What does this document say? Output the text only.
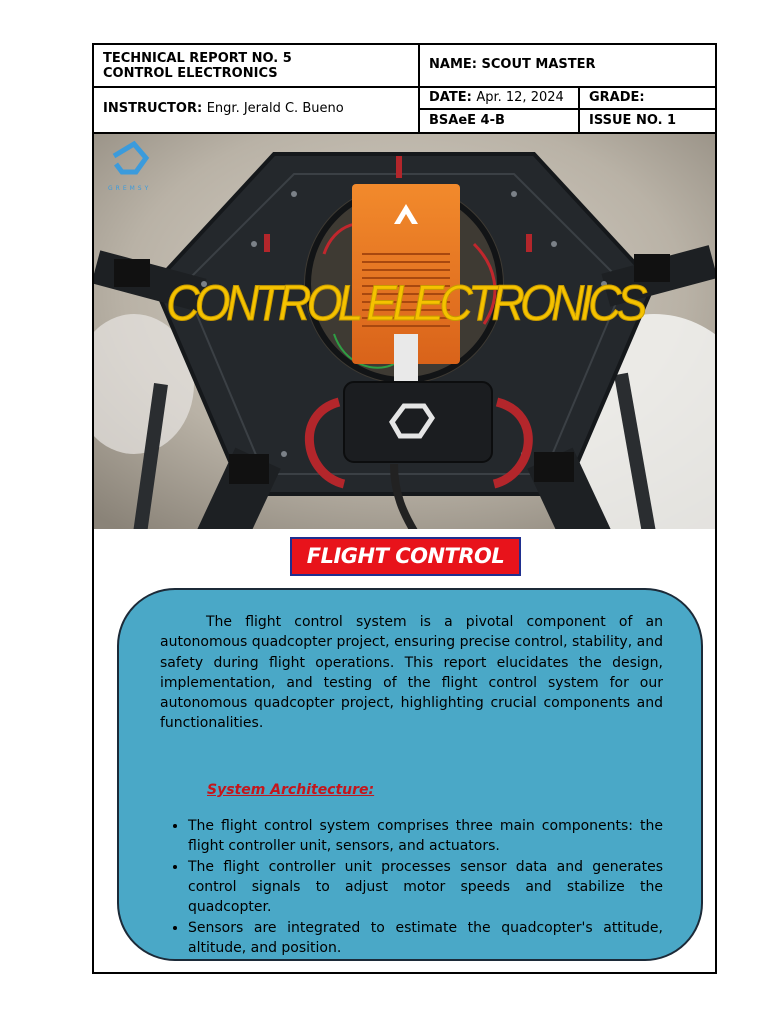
TECHNICAL REPORT NO. 5
CONTROL ELECTRONICS
NAME: SCOUT MASTER
INSTRUCTOR: Engr. Jerald C. Bueno
DATE: Apr. 12, 2024	GRADE:
BSAeE 4-B	ISSUE NO. 1
GREMSY
CONTROL ELECTRONICS
FLIGHT CONTROL

The flight control system is a pivotal component of an autonomous quadcopter project, ensuring precise control, stability, and safety during flight operations. This report elucidates the design, implementation, and testing of the flight control system for our autonomous quadcopter project, highlighting crucial components and functionalities.

System Architecture:
• The flight control system comprises three main components: the flight controller unit, sensors, and actuators.
• The flight controller unit processes sensor data and generates control signals to adjust motor speeds and stabilize the quadcopter.
• Sensors are integrated to estimate the quadcopter's attitude, altitude, and position.
